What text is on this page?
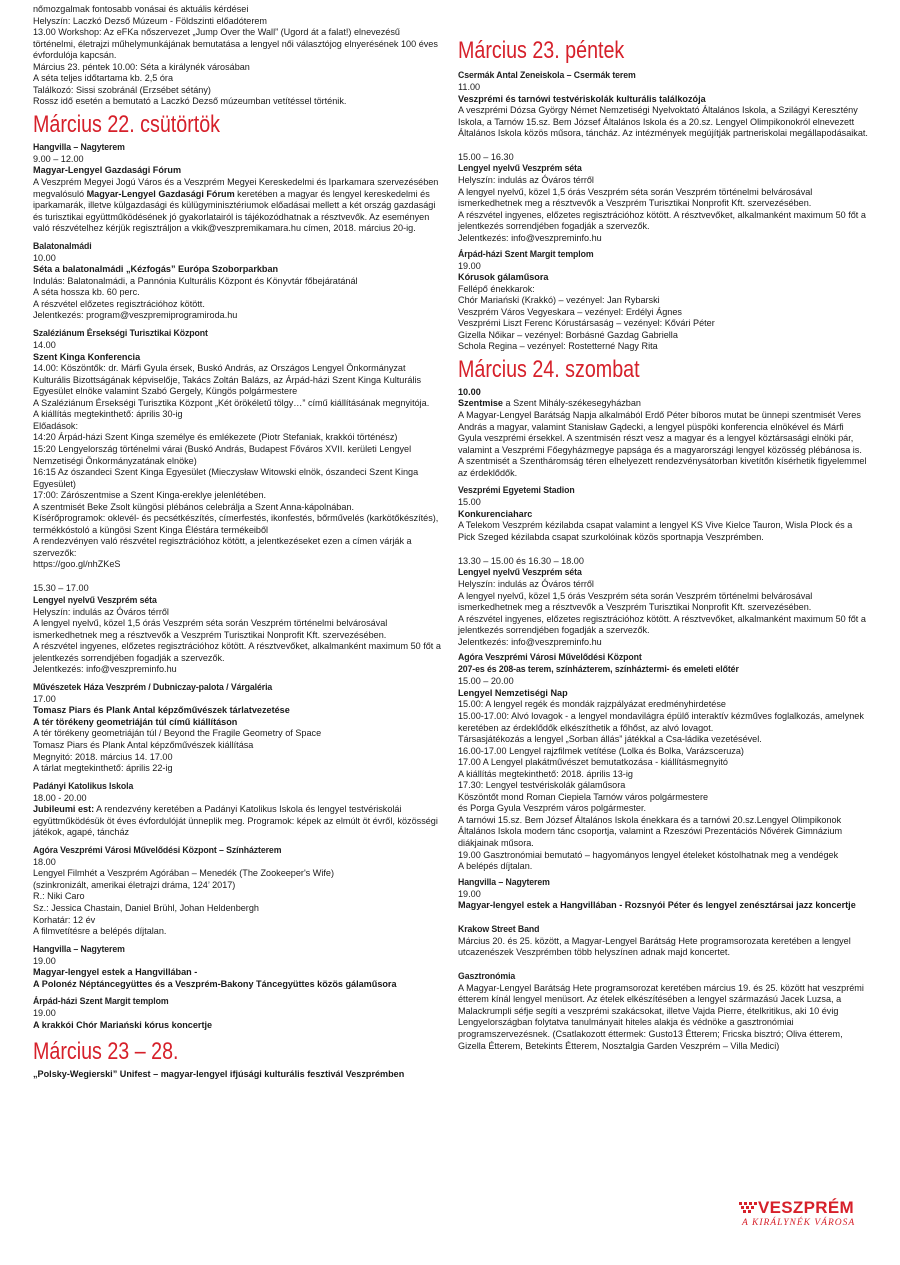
nőmozgalmak fontosabb vonásai és aktuális kérdései
Helyszín: Laczkó Dezső Múzeum - Földszinti előadóterem
13.00 Workshop: Az eFKa nőszervezet „Jump Over the Wall” (Ugord át a falat!) elnevezésű történelmi, életrajzi műhelymunkájának bemutatása a lengyel női választójog elnyerésének 100 éves évfordulója kapcsán.
Március 23. péntek 10.00: Séta a királynék városában
A séta teljes időtartama kb. 2,5 óra
Találkozó: Sissi szobránál (Erzsébet sétány)
Rossz idő esetén a bemutató a Laczkó Dezső múzeumban vetítéssel történik.

Március 22. csütörtök

Hangvilla – Nagyterem

9.00 – 12.00

Magyar-Lengyel Gazdasági Fórum

A Veszprém Megyei Jogú Város és a Veszprém Megyei Kereskedelmi és Iparkamara szervezésében megvalósuló Magyar-Lengyel Gazdasági Fórum keretében a magyar és lengyel kereskedelmi és iparkamarák, illetve külgazdasági és külügyminisztériumok előadásai mellett a két ország gazdasági és turisztikai együttműködésének jó gyakorlatairól is tájékozódhatnak a résztvevők. Az eseményen való részvételhez kérjük regisztráljon a vkik@veszpremikamara.hu címen, 2018. március 20-ig.

Balatonalmádi

10.00

Séta a balatonalmádi „Kézfogás” Európa Szoborparkban

Indulás: Balatonalmádi, a Pannónia Kulturális Központ és Könyvtár főbejáratánál
A séta hossza kb. 60 perc.
A részvétel előzetes regisztrációhoz kötött.
Jelentkezés: program@veszpremiprogramiroda.hu

Szaléziánum Érsekségi Turisztikai Központ

14.00

Szent Kinga Konferencia

14.00: Köszöntők: dr. Márfi Gyula érsek, Buskó András, az Országos Lengyel Önkormányzat Kulturális Bizottságának képviselője, Takács Zoltán Balázs, az Árpád-házi Szent Kinga Kulturális Egyesület elnöke valamint Szabó Gergely, Küngös polgármestere
A Szaléziánum Érsekségi Turisztika Központ „Két örökéletű tölgy…” című kiállításának megnyitója.
A kiállítás megtekinthető: április 30-ig
Előadások:
14:20 Árpád-házi Szent Kinga személye és emlékezete (Piotr Stefaniak, krakkói történész)
15:20 Lengyelország történelmi várai (Buskó András, Budapest Főváros XVII. kerületi Lengyel Nemzetiségi Önkormányzatának elnöke)
16:15 Az ószandeci Szent Kinga Egyesület (Mieczysław Witowski elnök, ószandeci Szent Kinga Egyesület)
17:00: Zárószentmise a Szent Kinga-ereklye jelenlétében.
A szentmisét Beke Zsolt küngösi plébános celebrálja a Szent Anna-kápolnában.
Kísérőprogramok: oklevél- és pecsétkészítés, címerfestés, ikonfestés, bőrművelés (karkötőkészítés), termékkóstoló a küngösi Szent Kinga Éléstára termékeiből
A rendezvényen való részvétel regisztrációhoz kötött, a jelentkezéseket ezen a címen várják a szervezők:
https://goo.gl/nhZKeS

15.30 – 17.00

Lengyel nyelvű Veszprém séta

Helyszín: indulás az Óváros térről
A lengyel nyelvű, közel 1,5 órás Veszprém séta során Veszprém történelmi belvárosával ismerkedhetnek meg a résztvevők a Veszprém Turisztikai Nonprofit Kft. szervezésében.
A részvétel ingyenes, előzetes regisztrációhoz kötött. A résztvevőket, alkalmanként maximum 50 főt a jelentkezés sorrendjében fogadják a szervezők.
Jelentkezés: info@veszpreminfo.hu

Művészetek Háza Veszprém / Dubniczay-palota / Várgaléria

17.00

Tomasz Piars és Plank Antal képzőművészek tárlatvezetése
A tér törékeny geometriáján túl című kiállításon

A tér törékeny geometriáján túl / Beyond the Fragile Geometry of Space
Tomasz Piars és Plank Antal képzőművészek kiállítása
Megnyitó: 2018. március 14. 17.00
A tárlat megtekinthető: április 22-ig

Padányi Katolikus Iskola

18.00 - 20.00

Jubileumi est: A rendezvény keretében a Padányi Katolikus Iskola és lengyel testvériskolái együttműködésük öt éves évfordulóját ünneplik meg. Programok: képek az elmúlt öt évről, közösségi játékok, agapé, táncház

Agóra Veszprémi Városi Művelődési Központ – Színházterem

18.00

Lengyel Filmhét a Veszprém Agórában – Menedék (The Zookeeper's Wife)
(szinkronizált, amerikai életrajzi dráma, 124’ 2017)
R.: Niki Caro
Sz.: Jessica Chastain, Daniel Brühl, Johan Heldenbergh
Korhatár: 12 év
A filmvetítésre a belépés díjtalan.

Hangvilla – Nagyterem

19.00

Magyar-lengyel estek a Hangvillában -
A Polonéz Néptáncegyüttes és a Veszprém-Bakony Táncegyüttes közös gálaműsora

Árpád-házi Szent Margit templom

19.00

A krakkói Chór Mariański kórus koncertje

Március 23 – 28.

„Polsky-Wegierski” Unifest – magyar-lengyel ifjúsági kulturális fesztivál Veszprémben

Március 23. péntek

Csermák Antal Zeneiskola – Csermák terem

11.00

Veszprémi és tarnówi testvériskolák kulturális találkozója

A veszprémi Dózsa György Német Nemzetiségi Nyelvoktató Általános Iskola, a Szilágyi Keresztény Iskola, a Tarnów 15.sz. Bem József Általános Iskola és a 20.sz. Lengyel Olimpikonokról elnevezett Általános Iskola közös műsora, táncház. Az intézmények megújítják partneriskolai megállapodásaikat.

15.00 – 16.30

Lengyel nyelvű Veszprém séta

Helyszín: indulás az Óváros térről
A lengyel nyelvű, közel 1,5 órás Veszprém séta során Veszprém történelmi belvárosával ismerkedhetnek meg a résztvevők a Veszprém Turisztikai Nonprofit Kft. szervezésében.
A részvétel ingyenes, előzetes regisztrációhoz kötött. A résztvevőket, alkalmanként maximum 50 főt a jelentkezés sorrendjében fogadják a szervezők.
Jelentkezés: info@veszpreminfo.hu

Árpád-házi Szent Margit templom

19.00

Kórusok gálaműsora

Fellépő énekkarok:
Chór Mariański (Krakkó) – vezényel: Jan Rybarski
Veszprém Város Vegyeskara – vezényel: Erdélyi Ágnes
Veszprémi Liszt Ferenc Kórustársaság – vezényel: Kővári Péter
Gizella Nőikar – vezényel: Borbásné Gazdag Gabriella
Schola Regina – vezényel: Rostetterné Nagy Rita

Március 24. szombat

10.00

Szentmise a Szent Mihály-székesegyházban

A Magyar-Lengyel Barátság Napja alkalmából Erdő Péter bíboros mutat be ünnepi szentmisét Veres András a magyar, valamint Stanisław Gądecki, a lengyel püspöki konferencia elnökével és Márfi Gyula veszprémi érsekkel. A szentmisén részt vesz a magyar és a lengyel köztársasági elnöki pár, valamint a Veszprémi Főegyházmegye papsága és a magyarországi lengyel közösség plébánosa is.
A szentmisét a Szentháromság téren elhelyezett rendezvénysátorban kivetítőn kísérhetik figyelemmel az érdeklődők.

Veszprémi Egyetemi Stadion

15.00

Konkurenciaharc

A Telekom Veszprém kézilabda csapat valamint a lengyel KS Vive Kielce Tauron, Wisla Plock és a Pick Szeged kézilabda csapat szurkolóinak közös sportnapja Veszprémben.

13.30 – 15.00 és 16.30 – 18.00

Lengyel nyelvű Veszprém séta

Helyszín: indulás az Óváros térről
A lengyel nyelvű, közel 1,5 órás Veszprém séta során Veszprém történelmi belvárosával ismerkedhetnek meg a résztvevők a Veszprém Turisztikai Nonprofit Kft. szervezésében.
A részvétel ingyenes, előzetes regisztrációhoz kötött. A résztvevőket, alkalmanként maximum 50 főt a jelentkezés sorrendjében fogadják a szervezők.
Jelentkezés: info@veszpreminfo.hu

Agóra Veszprémi Városi Művelődési Központ
207-es és 208-as terem, színházterem, színháztermi- és emeleti előtér

15.00 – 20.00

Lengyel Nemzetiségi Nap

15.00: A lengyel regék és mondák rajzpályázat eredményhirdetése
15.00-17.00: Alvó lovagok - a lengyel mondavilágra épülő interaktív kézműves foglalkozás, amelynek keretében az érdeklődők elkészíthetik a főhőst, az alvó lovagot.
Társasjátékozás a lengyel „Sorban állás” játékkal a Csa-ládika vezetésével.
16.00-17.00 Lengyel rajzfilmek vetítése (Lolka és Bolka, Varázsceruza)
17.00 A Lengyel plakátművészet bemutatkozása - kiállításmegnyitó
A kiállítás megtekinthető: 2018. április 13-ig
17.30: Lengyel testvériskolák gálaműsora
Köszöntőt mond Roman Ciepiela Tarnów város polgármestere
és Porga Gyula Veszprém város polgármester.
A tarnówi 15.sz. Bem József Általános Iskola énekkara és a tarnówi 20.sz.Lengyel Olimpikonok Általános Iskola modern tánc csoportja, valamint a Rzeszówi Prezentációs Nővérek Gimnázium diákjainak műsora.
19.00 Gasztronómiai bemutató – hagyományos lengyel ételeket kóstolhatnak meg a vendégek
A belépés díjtalan.

Hangvilla – Nagyterem

19.00

Magyar-lengyel estek a Hangvillában - Rozsnyói Péter és lengyel zenésztársai jazz koncertje

Krakow Street Band

Március 20. és 25. között, a Magyar-Lengyel Barátság Hete programsorozata keretében a lengyel utcazenészek Veszprémben több helyszínen adnak majd koncertet.

Gasztronómia

A Magyar-Lengyel Barátság Hete programsorozat keretében március 19. és 25. között hat veszprémi étterem kínál lengyel menüsort. Az ételek elkészítésében a lengyel származású Jacek Luzsa, a Malackrumpli séfje segíti a veszprémi szakácsokat, illetve Vajda Pierre, ételkritikus, aki 10 évig Lengyelországban folytatva tanulmányait hiteles alakja és védnöke a gasztronómiai programszervezésnek. (Csatlakozott éttermek: Gusto13 Étterem; Fricska bisztró; Oliva étterem, Gizella Étterem, Betekints Étterem, Nosztalgia Garden Veszprém – Villa Medici)

VESZPRÉM
A KIRÁLYNÉK VÁROSA
